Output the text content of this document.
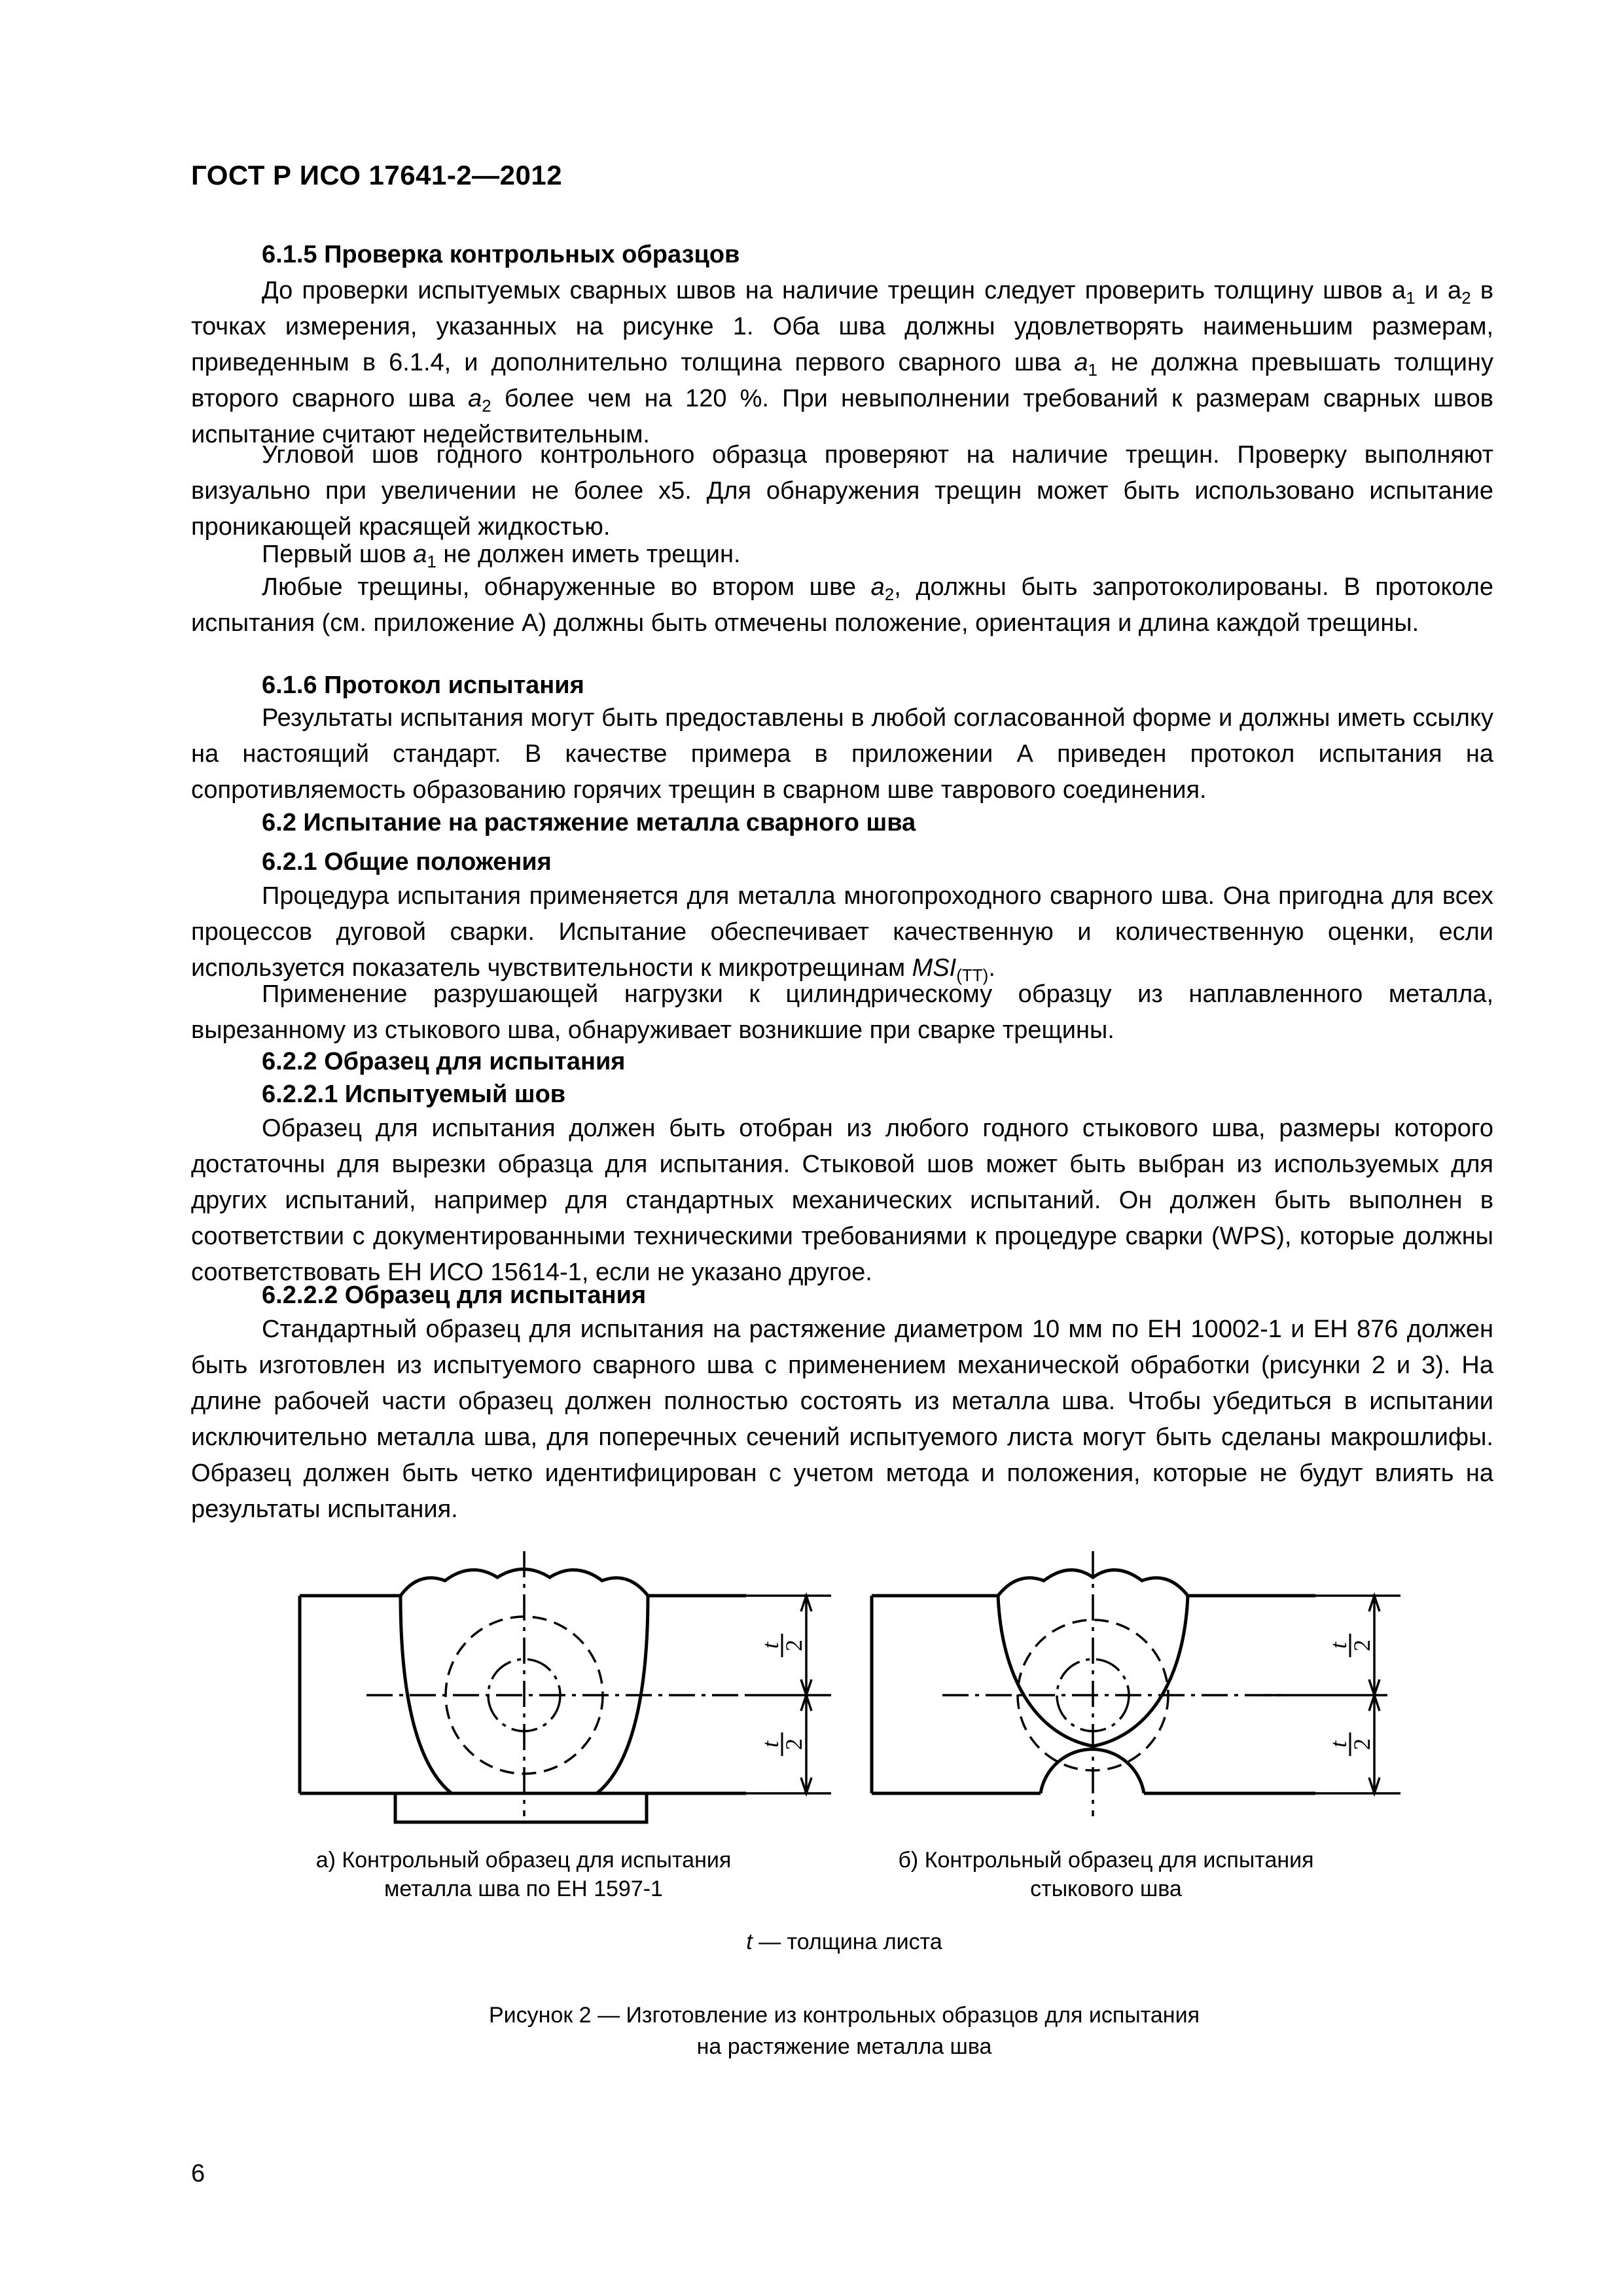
ГОСТ Р ИСО 17641-2—2012
6.1.5 Проверка контрольных образцов
До проверки испытуемых сварных швов на наличие трещин следует проверить толщину швов $a_1$ и $a_2$ в точках измерения, указанных на рисунке 1. Оба шва должны удовлетворять наименьшим размерам, приведенным в 6.1.4, и дополнительно толщина первого сварного шва $a_1$ не должна превышать толщину второго сварного шва $a_2$ более чем на 120 %. При невыполнении требований к размерам сварных швов испытание считают недействительным.
Угловой шов годного контрольного образца проверяют на наличие трещин. Проверку выполняют визуально при увеличении не более х5. Для обнаружения трещин может быть использовано испытание проникающей красящей жидкостью.
Первый шов $a_1$ не должен иметь трещин.
Любые трещины, обнаруженные во втором шве $a_2$, должны быть запротоколированы. В протоколе испытания (см. приложение А) должны быть отмечены положение, ориентация и длина каждой трещины.
6.1.6 Протокол испытания
Результаты испытания могут быть предоставлены в любой согласованной форме и должны иметь ссылку на настоящий стандарт. В качестве примера в приложении А приведен протокол испытания на сопротивляемость образованию горячих трещин в сварном шве таврового соединения.
6.2 Испытание на растяжение металла сварного шва
6.2.1 Общие положения
Процедура испытания применяется для металла многопроходного сварного шва. Она пригодна для всех процессов дуговой сварки. Испытание обеспечивает качественную и количественную оценки, если используется показатель чувствительности к микротрещинам $MSI_{(TT)}$.
Применение разрушающей нагрузки к цилиндрическому образцу из наплавленного металла, вырезанному из стыкового шва, обнаруживает возникшие при сварке трещины.
6.2.2 Образец для испытания
6.2.2.1 Испытуемый шов
Образец для испытания должен быть отобран из любого годного стыкового шва, размеры которого достаточны для вырезки образца для испытания. Стыковой шов может быть выбран из используемых для других испытаний, например для стандартных механических испытаний. Он должен быть выполнен в соответствии с документированными техническими требованиями к процедуре сварки (WPS), которые должны соответствовать ЕН ИСО 15614-1, если не указано другое.
6.2.2.2 Образец для испытания
Стандартный образец для испытания на растяжение диаметром 10 мм по ЕН 10002-1 и ЕН 876 должен быть изготовлен из испытуемого сварного шва с применением механической обработки (рисунки 2 и 3). На длине рабочей части образец должен полностью состоять из металла шва. Чтобы убедиться в испытании исключительно металла шва, для поперечных сечений испытуемого листа могут быть сделаны макрошлифы. Образец должен быть четко идентифицирован с учетом метода и положения, которые не будут влиять на результаты испытания.
t
2
t
2
t
2
t
2
а) Контрольный образец для испытания
металла шва по ЕН 1597-1
б) Контрольный образец для испытания
стыкового шва
t — толщина листа
Рисунок 2 — Изготовление из контрольных образцов для испытания
на растяжение металла шва
6
